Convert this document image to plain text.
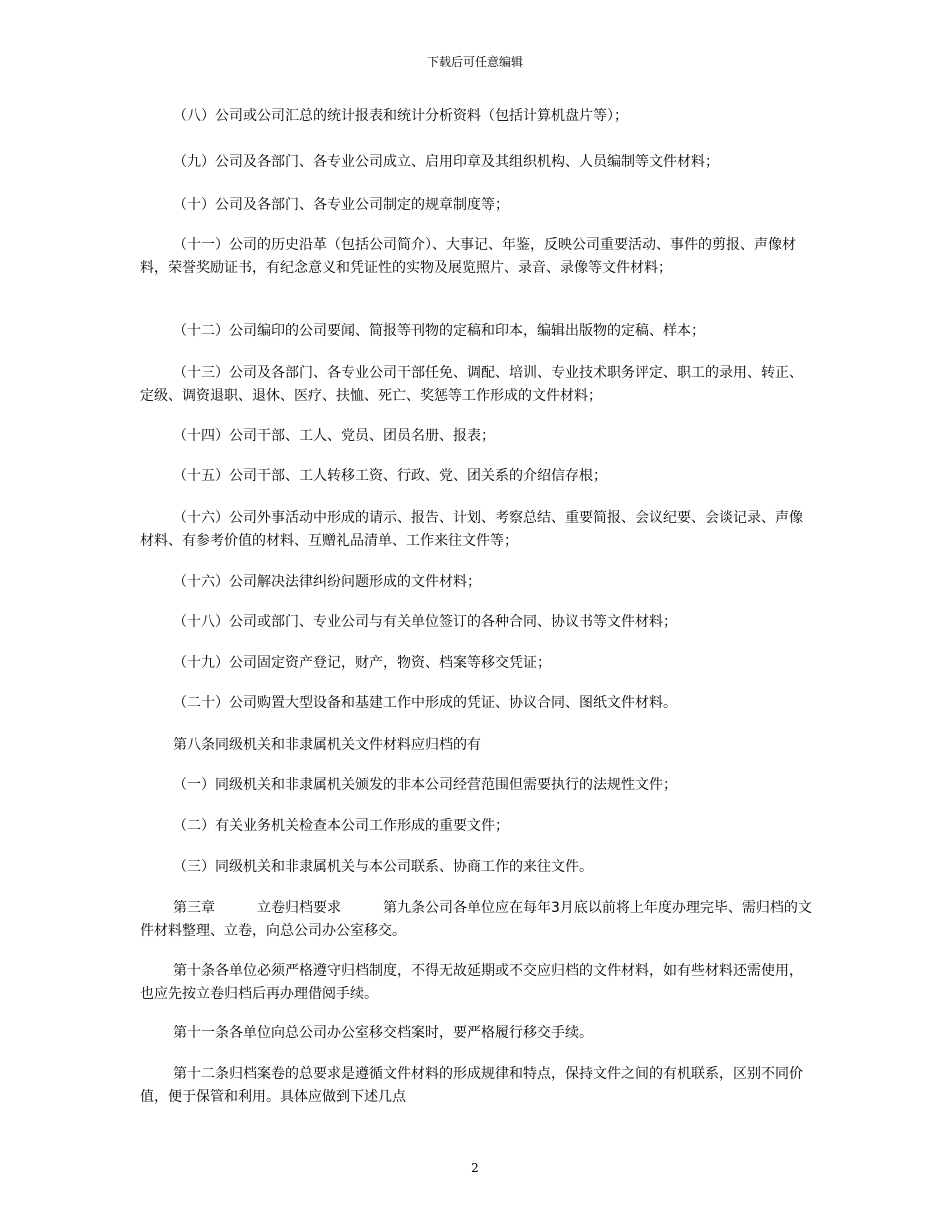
下载后可任意编辑

（八）公司或公司汇总的统计报表和统计分析资料（包括计算机盘片等）；

（九）公司及各部门、各专业公司成立、启用印章及其组织机构、人员编制等文件材料；

（十）公司及各部门、各专业公司制定的规章制度等；

（十一）公司的历史沿革（包括公司简介）、大事记、年鉴，反映公司重要活动、事件的剪报、声像材料，荣誉奖励证书，有纪念意义和凭证性的实物及展览照片、录音、录像等文件材料；

（十二）公司编印的公司要闻、简报等刊物的定稿和印本，编辑出版物的定稿、样本；

（十三）公司及各部门、各专业公司干部任免、调配、培训、专业技术职务评定、职工的录用、转正、定级、调资退职、退休、医疗、扶恤、死亡、奖惩等工作形成的文件材料；

（十四）公司干部、工人、党员、团员名册、报表；

（十五）公司干部、工人转移工资、行政、党、团关系的介绍信存根；

（十六）公司外事活动中形成的请示、报告、计划、考察总结、重要简报、会议纪要、会谈记录、声像材料、有参考价值的材料、互赠礼品清单、工作来往文件等；

（十六）公司解决法律纠纷问题形成的文件材料；

（十八）公司或部门、专业公司与有关单位签订的各种合同、协议书等文件材料；

（十九）公司固定资产登记，财产，物资、档案等移交凭证；

（二十）公司购置大型设备和基建工作中形成的凭证、协议合同、图纸文件材料。

第八条同级机关和非隶属机关文件材料应归档的有

（一）同级机关和非隶属机关颁发的非本公司经营范围但需要执行的法规性文件；

（二）有关业务机关检查本公司工作形成的重要文件；

（三）同级机关和非隶属机关与本公司联系、协商工作的来往文件。

第三章　　　立卷归档要求　　　第九条公司各单位应在每年3月底以前将上年度办理完毕、需归档的文件材料整理、立卷，向总公司办公室移交。

第十条各单位必须严格遵守归档制度，不得无故延期或不交应归档的文件材料，如有些材料还需使用，也应先按立卷归档后再办理借阅手续。

第十一条各单位向总公司办公室移交档案时，要严格履行移交手续。

第十二条归档案卷的总要求是遵循文件材料的形成规律和特点，保持文件之间的有机联系，区别不同价值，便于保管和利用。具体应做到下述几点

2
